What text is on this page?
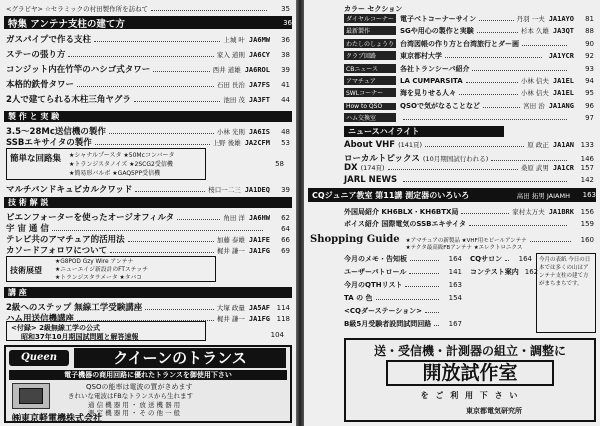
<グラビヤ> ☆セラミックの村田製作所を訪ねて	35
特集 アンテナ支柱の建て方	36
ガスパイプで作る支柱	上城 叶 JA6MW	36
ステーの張り方	家入 道則 JA6CY	38
コンジット内在竹竿のハシゴ式タワー	西井 道雄 JA6ROL	39
本格的鉄骨タワー	石田 長治 JA7FS	41
2人で建てられる木柱三角ヤグラ	池田 茂 JA3FT	44
製 作 と 実 験
3.5〜28Mc送信機の製作	小林 光則 JA6IS	48
SSBエキサイタの製作	上野 後雄 JA2CFM	53
簡単な回路集 ★シャナルプースタ ★50Mcコンバータ
★トランジスタノイズ ★2SCG2受信機
★簡易形バルボ ★GAQ5PP受信機
58
マルチバンドキュビカルクワッド	桜口一二三 JA1DEQ	39
技 術 解 説
ピエンフォーターを使ったオージオフィルタ	角田 洋 JA6HW	62
宇 宙 通 信	64
テレビ共のアマチュア的活用法	加藤 泰雄 JA1FE	66
カソードフォロワについて	梶井 謙一 JA1FG	69
技術展望
★G8POD Gzy Wire アンテナ
★ニューエイジ新設計のFTステッチ
★トランジスタラメータ ★タバコ
講 座
2級へのステップ 無線工学受験講座	大塚 政量 JA5AF 114
ハム用送信機講座	梶井 謙一 JA1FG 118
<付録> 2級無線工学の公式
昭和37年10月期国試問題と解答速報	104
Queen	クイーンのトランス
電子機器の商用回路に優れたトランスを御使用下さい
QSOの能率は電波の質がきめます
きれいな電波はFBなトランスから生れます
通 信 機 器 用 ・ 放 送 機 器 用
測 定 機 器 用 ・ そ の 他 一 般
㈱東京軽電機株式会社
カラー セクション
ダイヤルコーナー 電子ベトコーナーサイン	丹羽 一夫 JA1AYO	81
最新製作	SGや用心の製作と実験	杉本 久雄 JA3QT	88
わたしのしょうり 台湾図帳の作り方と台湾旅行とダー画	90
クラブ回路	東京都村大学	JA1YCR	92
CBニュース	各社トランシーバ紹介	93
アマチュア	LA CUMPARSITA	小林 信夫 JA1EL	94
SWLコーナー	海を見りせる人々	小林 信夫 JA1EL	95
How to QSO	QSOで気がなることなど	宮田 治 JA1ANG	96
ハム交換室	97
ニュースハイライト
About VHF (141頁)	原 政正 JA1AN 133
ローカルトピックス (10月期国試行われる)	146
DX (174頁)	桑原 武男 JA1CR 157
JARL NEWS	142
CQジュニア教室 第11講 測定器のいろいろ	高田 拓男 JAIAMH	163
外国局紹介 KH6BLX・KH6BTX局	家村太万夫 JA1BRK 156
ボイス紹介 国際電気のSSBエキサイタ	159
Shopping Guide ★アマチュアの新製品 ★VHF用モビールアンテナ
★テクタ最高級FBアンテナ ★エレクトロニクス
160
今月のメモ・告知板	164
ユーザーパトロール	141
今月のQTHリスト	163
TA の 色	154
<CQダーステーション>
B級5月受験者設問試問回路	167
CQサロン	164
コンテスト案内 162
今月の表紙 今日の日本では多くの山はアンテナ支柱の建て方がまちまちです。
送・受信機・計測器の組立・調整に
開放試作室
を ご 利 用 下 さ い
東京都電気研究所
